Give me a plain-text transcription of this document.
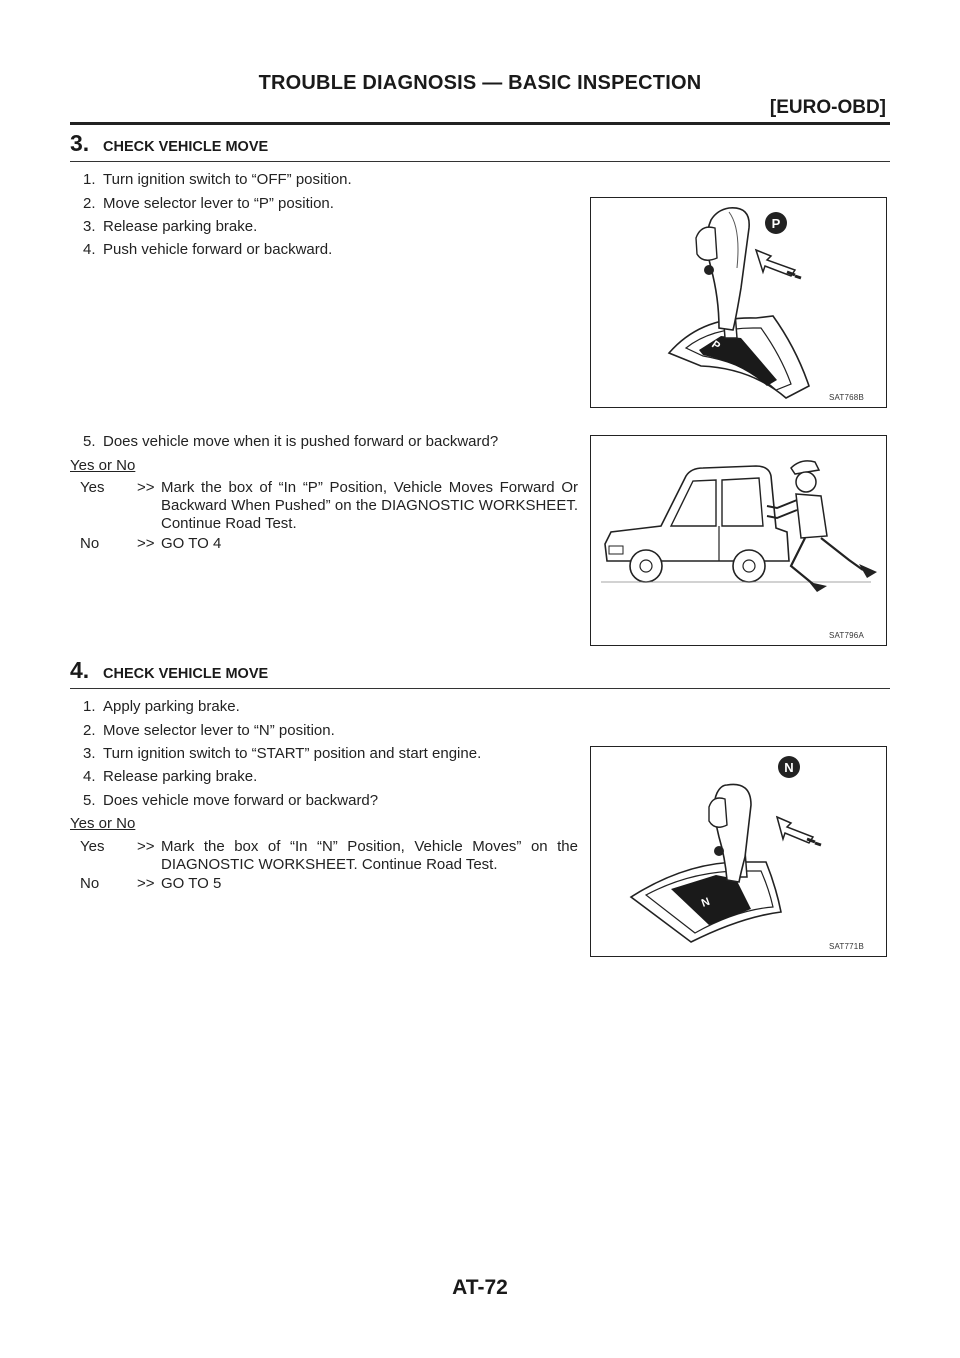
TROUBLE DIAGNOSIS — BASIC INSPECTION
[EURO-OBD]
3. CHECK VEHICLE MOVE
1. Turn ignition switch to “OFF” position.
2. Move selector lever to “P” position.
3. Release parking brake.
4. Push vehicle forward or backward.
5. Does vehicle move when it is pushed forward or backward?
Yes or No
Yes	>> Mark the box of “In “P” Position, Vehicle Moves Forward Or Backward When Pushed” on the DIAGNOSTIC WORKSHEET. Continue Road Test.
No	>> GO TO 4
P
P
SAT768B
SAT796A
4. CHECK VEHICLE MOVE
1. Apply parking brake.
2. Move selector lever to “N” position.
3. Turn ignition switch to “START” position and start engine.
4. Release parking brake.
5. Does vehicle move forward or backward?
Yes or No
Yes	>> Mark the box of “In “N” Position, Vehicle Moves” on the DIAGNOSTIC WORKSHEET. Continue Road Test.
No	>> GO TO 5
N
N
SAT771B
AT-72
